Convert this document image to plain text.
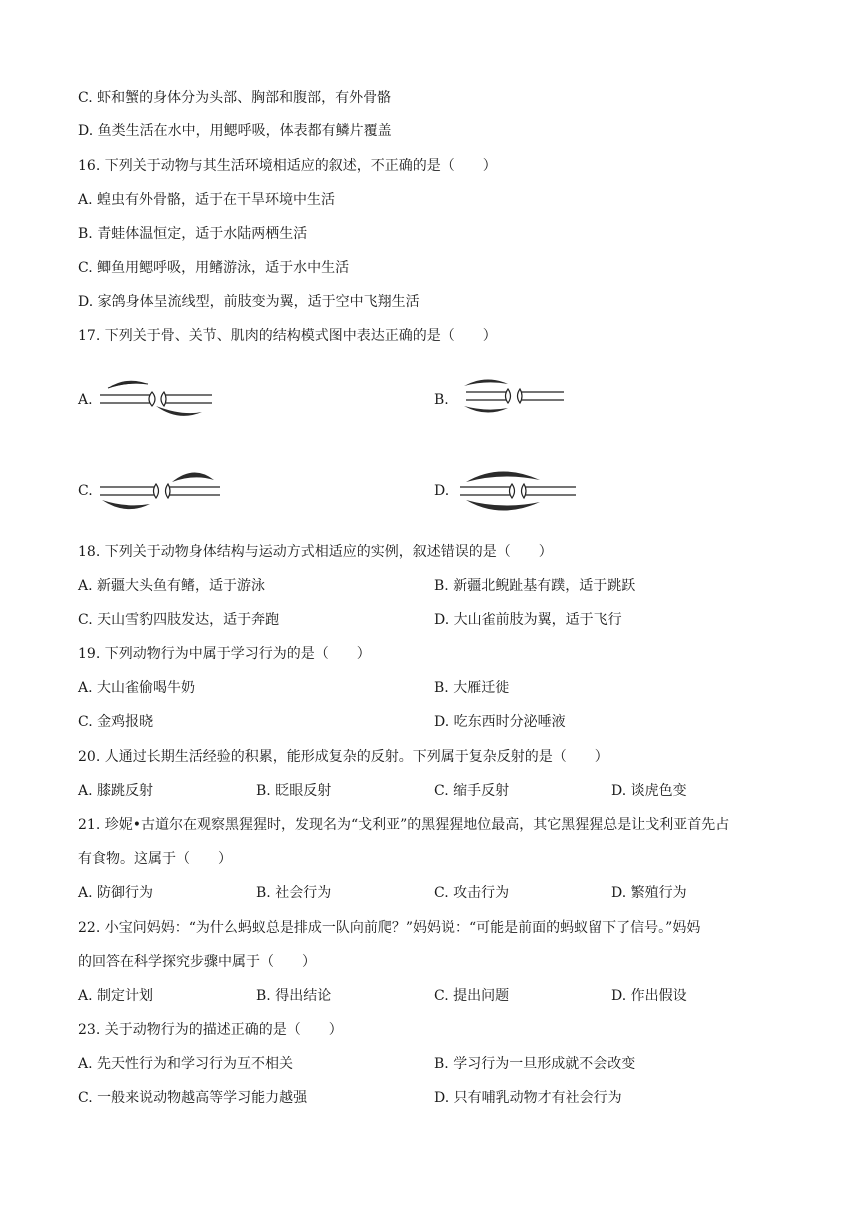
C. 虾和蟹的身体分为头部、胸部和腹部，有外骨骼
D. 鱼类生活在水中，用鳃呼吸，体表都有鳞片覆盖
16. 下列关于动物与其生活环境相适应的叙述，不正确的是（　　）
A. 蝗虫有外骨骼，适于在干旱环境中生活
B. 青蛙体温恒定，适于水陆两栖生活
C. 鲫鱼用鳃呼吸，用鳍游泳，适于水中生活
D. 家鸽身体呈流线型，前肢变为翼，适于空中飞翔生活
17. 下列关于骨、关节、肌肉的结构模式图中表达正确的是（　　）
A.	B.
C.	D.
18. 下列关于动物身体结构与运动方式相适应的实例，叙述错误的是（　　）
A. 新疆大头鱼有鳍，适于游泳	B. 新疆北鲵趾基有蹼，适于跳跃
C. 天山雪豹四肢发达，适于奔跑	D. 大山雀前肢为翼，适于飞行
19. 下列动物行为中属于学习行为的是（　　）
A. 大山雀偷喝牛奶	B. 大雁迁徙
C. 金鸡报晓	D. 吃东西时分泌唾液
20. 人通过长期生活经验的积累，能形成复杂的反射。下列属于复杂反射的是（　　）
A. 膝跳反射	B. 眨眼反射	C. 缩手反射	D. 谈虎色变
21. 珍妮•古道尔在观察黑猩猩时，发现名为“戈利亚”的黑猩猩地位最高，其它黑猩猩总是让戈利亚首先占
有食物。这属于（　　）
A. 防御行为	B. 社会行为	C. 攻击行为	D. 繁殖行为
22. 小宝问妈妈：“为什么蚂蚁总是排成一队向前爬？”妈妈说：“可能是前面的蚂蚁留下了信号。”妈妈
的回答在科学探究步骤中属于（　　）
A. 制定计划	B. 得出结论	C. 提出问题	D. 作出假设
23. 关于动物行为的描述正确的是（　　）
A. 先天性行为和学习行为互不相关	B. 学习行为一旦形成就不会改变
C. 一般来说动物越高等学习能力越强	D. 只有哺乳动物才有社会行为
